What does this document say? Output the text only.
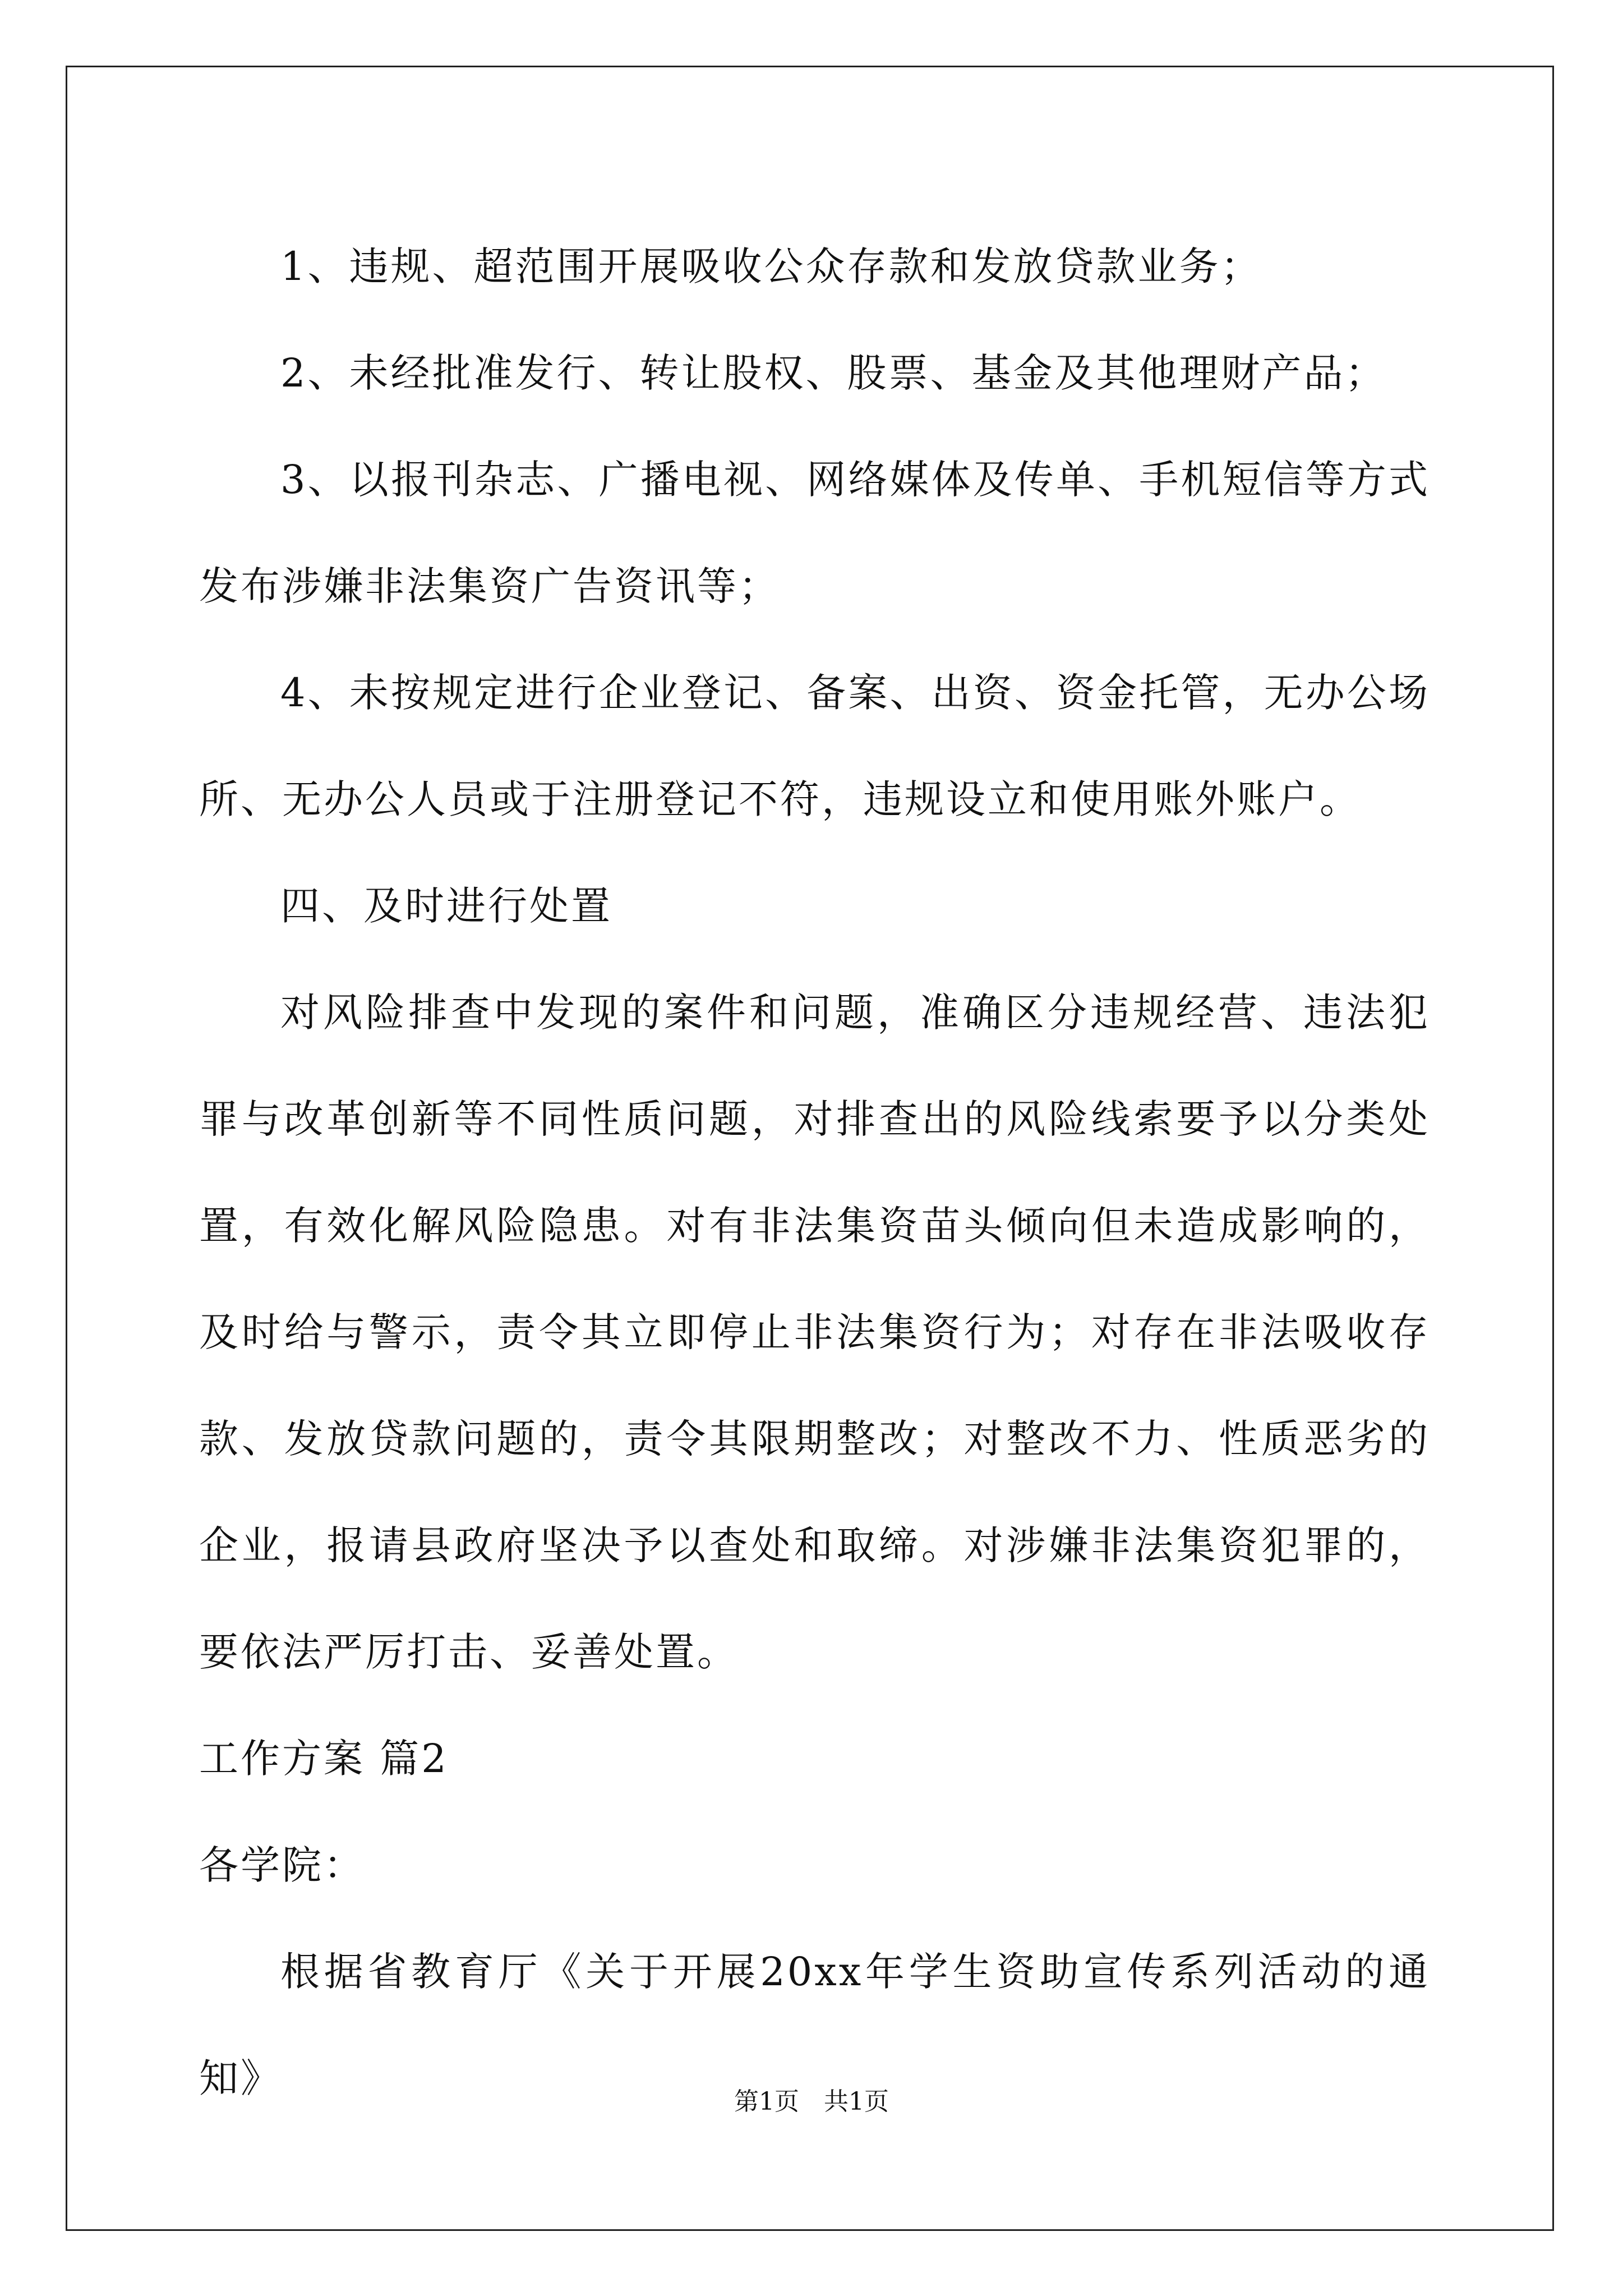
1、违规、超范围开展吸收公众存款和发放贷款业务；

2、未经批准发行、转让股权、股票、基金及其他理财产品；

3、以报刊杂志、广播电视、网络媒体及传单、手机短信等方式发布涉嫌非法集资广告资讯等；

4、未按规定进行企业登记、备案、出资、资金托管，无办公场所、无办公人员或于注册登记不符，违规设立和使用账外账户。

四、及时进行处置

对风险排查中发现的案件和问题，准确区分违规经营、违法犯罪与改革创新等不同性质问题，对排查出的风险线索要予以分类处置，有效化解风险隐患。对有非法集资苗头倾向但未造成影响的，及时给与警示，责令其立即停止非法集资行为；对存在非法吸收存款、发放贷款问题的，责令其限期整改；对整改不力、性质恶劣的企业，报请县政府坚决予以查处和取缔。对涉嫌非法集资犯罪的，要依法严厉打击、妥善处置。

工作方案 篇2

各学院：

根据省教育厅《关于开展20xx年学生资助宣传系列活动的通知》

第1页　共1页
